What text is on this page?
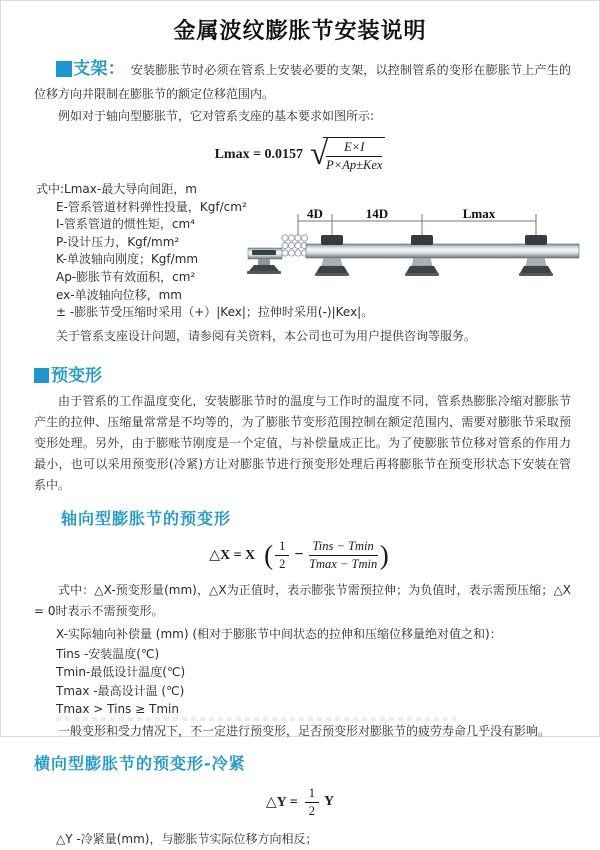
金属波纹膨胀节安装说明

支架： 安装膨胀节时必须在管系上安装必要的支架，以控制管系的变形在膨胀节上产生的位移方向并限制在膨胀节的额定位移范围内。

例如对于轴向型膨胀节，它对管系支座的基本要求如图所示:

Lmax = 0.0157 √
$\frac{E\times I}{\text{P×Ap±Kex}}$
式中:Lmax-最大导向间距，m
E-管系管道材料弹性投量，Kgf/cm²
I-管系管道的惯性矩，cm⁴
P-设计压力，Kgf/mm²
K-单波轴向刚度；Kgf/mm
Ap-膨胀节有效面积，cm²
ex-单波轴向位移，mm
± -膨胀节受压缩时采用（+）|Kex|；拉伸时采用(-)|Kex|。
关于管系支座设计问题，请参阅有关资料，本公司也可为用户提供咨询等服务。
4D	14D	Lmax
预变形

由于管系的工作温度变化，安装膨胀节时的温度与工作时的温度不同，管系热膨胀冷缩对膨胀节产生的拉伸、压缩量常常是不均等的，为了膨胀节变形范围控制在额定范围内，需要对膨胀节采取预变形处理。另外，由于膨账节刚度是一个定值，与补偿量成正比。为了使膨胀节位移对管系的作用力最小，也可以采用预变形(冷紧)方让对膨胀节进行预变形处理后再将膨胀节在预变形状态下安装在管系中。

轴向型膨胀节的预变形
△X = X ( $\frac{1}{2} - \frac{\text{Tins − Tmin}}{Tmax - Tmin}$ )

式中：△X-预变形量(mm)，△X为正值时，表示膨张节需预拉伸；为负值时，表示需预压缩；△X = 0时表示不需预变形。

X-实际轴向补偿量 (mm) (相对于膨胀节中间状态的拉伸和压缩位移量绝对值之和)：
Tins -安装温度(℃)
Tmin-最低设计温度(℃)
Tmax -最高设计温 (℃)
Tmax > Tins ≥ Tmin

一般变形和受力情况下，不一定进行预变形，足否预变形对膨胀节的疲劳寿命几乎没有影响。

横向型膨胀节的预变形-冷紧
△Y = $\frac{1}{2}$ Y
△Y -冷紧量(mm)，与膨胀节实际位移方向相反；
